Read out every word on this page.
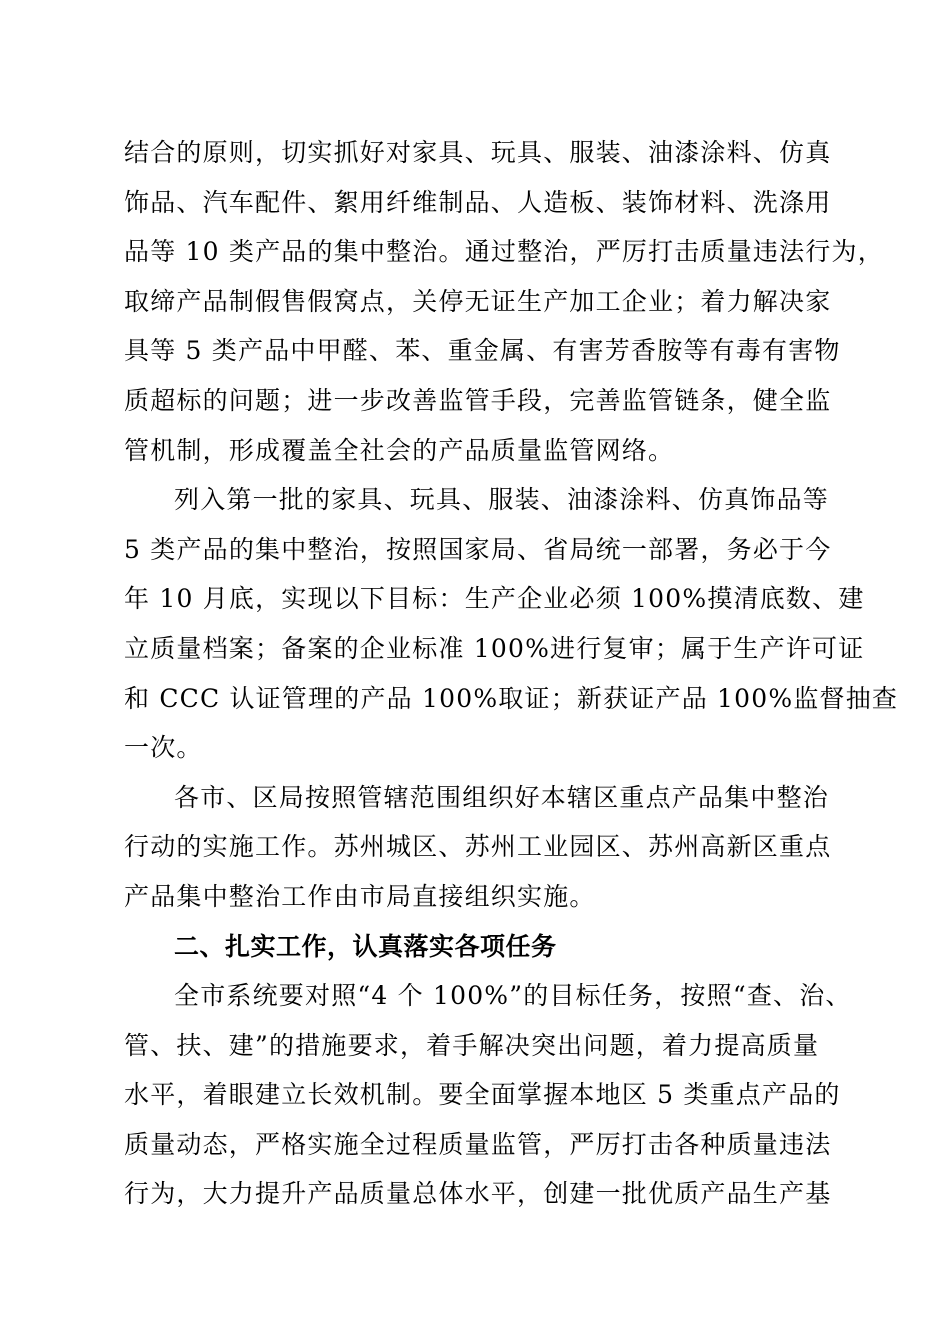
结合的原则，切实抓好对家具、玩具、服装、油漆涂料、仿真
饰品、汽车配件、絮用纤维制品、人造板、装饰材料、洗涤用
品等 10 类产品的集中整治。通过整治，严厉打击质量违法行为，
取缔产品制假售假窝点，关停无证生产加工企业；着力解决家
具等 5 类产品中甲醛、苯、重金属、有害芳香胺等有毒有害物
质超标的问题；进一步改善监管手段，完善监管链条，健全监
管机制，形成覆盖全社会的产品质量监管网络。
列入第一批的家具、玩具、服装、油漆涂料、仿真饰品等
5 类产品的集中整治，按照国家局、省局统一部署，务必于今
年 10 月底，实现以下目标：生产企业必须 100%摸清底数、建
立质量档案；备案的企业标准 100%进行复审；属于生产许可证
和 CCC 认证管理的产品 100%取证；新获证产品 100%监督抽查
一次。
各市、区局按照管辖范围组织好本辖区重点产品集中整治
行动的实施工作。苏州城区、苏州工业园区、苏州高新区重点
产品集中整治工作由市局直接组织实施。
二、扎实工作，认真落实各项任务
全市系统要对照“4 个 100%”的目标任务，按照“查、治、
管、扶、建”的措施要求，着手解决突出问题，着力提高质量
水平，着眼建立长效机制。要全面掌握本地区 5 类重点产品的
质量动态，严格实施全过程质量监管，严厉打击各种质量违法
行为，大力提升产品质量总体水平，创建一批优质产品生产基
